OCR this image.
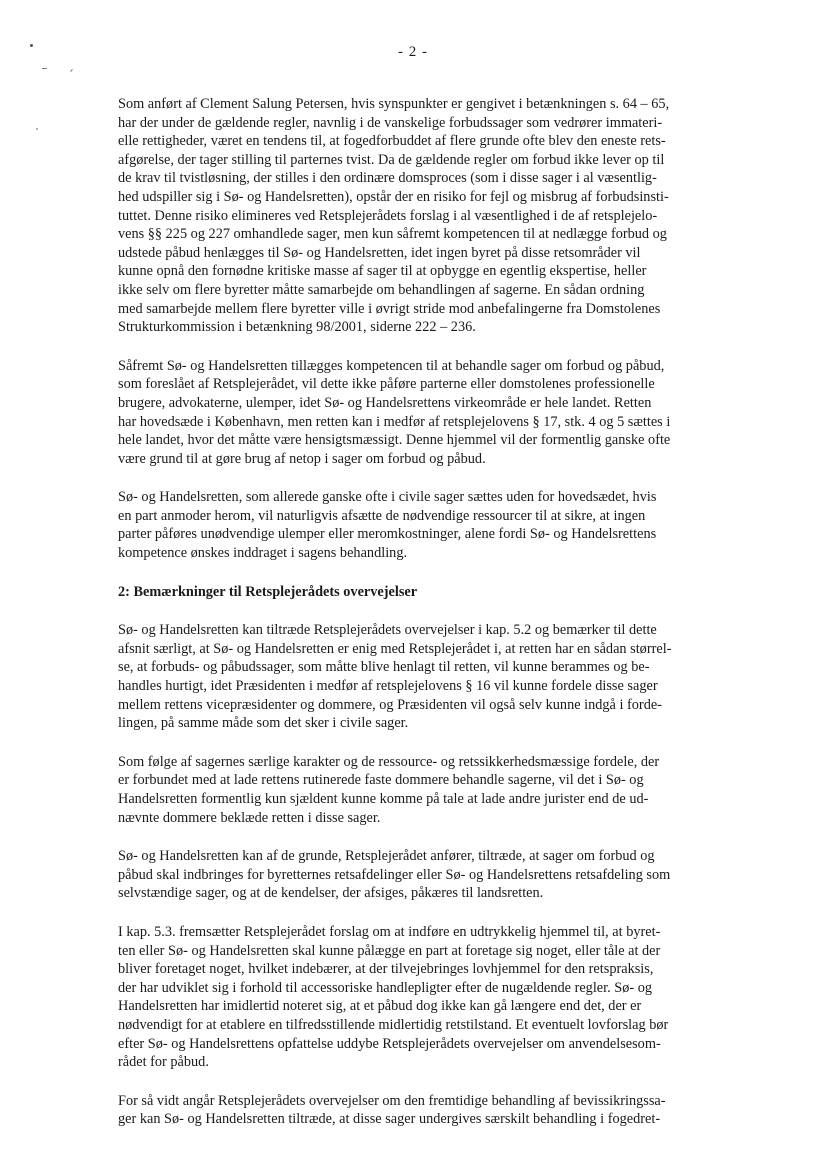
- 2 -
Som anført af Clement Salung Petersen, hvis synspunkter er gengivet i betænkningen s. 64 – 65,
har der under de gældende regler, navnlig i de vanskelige forbudssager som vedrører immateri-
elle rettigheder, været en tendens til, at fogedforbuddet af flere grunde ofte blev den eneste rets-
afgørelse, der tager stilling til parternes tvist. Da de gældende regler om forbud ikke lever op til
de krav til tvistløsning, der stilles i den ordinære domsproces (som i disse sager i al væsentlig-
hed udspiller sig i Sø- og Handelsretten), opstår der en risiko for fejl og misbrug af forbudsinsti-
tuttet. Denne risiko elimineres ved Retsplejerådets forslag i al væsentlighed i de af retsplejelo-
vens §§ 225 og 227 omhandlede sager, men kun såfremt kompetencen til at nedlægge forbud og
udstede påbud henlægges til Sø- og Handelsretten, idet ingen byret på disse retsområder vil
kunne opnå den fornødne kritiske masse af sager til at opbygge en egentlig ekspertise, heller
ikke selv om flere byretter måtte samarbejde om behandlingen af sagerne. En sådan ordning
med samarbejde mellem flere byretter ville i øvrigt stride mod anbefalingerne fra Domstolenes
Strukturkommission i betænkning 98/2001, siderne 222 – 236.
Såfremt Sø- og Handelsretten tillægges kompetencen til at behandle sager om forbud og påbud,
som foreslået af Retsplejerådet, vil dette ikke påføre parterne eller domstolenes professionelle
brugere, advokaterne, ulemper, idet Sø- og Handelsrettens virkeområde er hele landet. Retten
har hovedsæde i København, men retten kan i medfør af retsplejelovens § 17, stk. 4 og 5 sættes i
hele landet, hvor det måtte være hensigtsmæssigt. Denne hjemmel vil der formentlig ganske ofte
være grund til at gøre brug af netop i sager om forbud og påbud.
Sø- og Handelsretten, som allerede ganske ofte i civile sager sættes uden for hovedsædet, hvis
en part anmoder herom, vil naturligvis afsætte de nødvendige ressourcer til at sikre, at ingen
parter påføres unødvendige ulemper eller meromkostninger, alene fordi Sø- og Handelsrettens
kompetence ønskes inddraget i sagens behandling.
2: Bemærkninger til Retsplejerådets overvejelser
Sø- og Handelsretten kan tiltræde Retsplejerådets overvejelser i kap. 5.2 og bemærker til dette
afsnit særligt, at Sø- og Handelsretten er enig med Retsplejerådet i, at retten har en sådan størrel-
se, at forbuds- og påbudssager, som måtte blive henlagt til retten, vil kunne berammes og be-
handles hurtigt, idet Præsidenten i medfør af retsplejelovens § 16 vil kunne fordele disse sager
mellem rettens vicepræsidenter og dommere, og Præsidenten vil også selv kunne indgå i forde-
lingen, på samme måde som det sker i civile sager.
Som følge af sagernes særlige karakter og de ressource- og retssikkerhedsmæssige fordele, der
er forbundet med at lade rettens rutinerede faste dommere behandle sagerne, vil det i Sø- og
Handelsretten formentlig kun sjældent kunne komme på tale at lade andre jurister end de ud-
nævnte dommere beklæde retten i disse sager.
Sø- og Handelsretten kan af de grunde, Retsplejerådet anfører, tiltræde, at sager om forbud og
påbud skal indbringes for byretternes retsafdelinger eller Sø- og Handelsrettens retsafdeling som
selvstændige sager, og at de kendelser, der afsiges, påkæres til landsretten.
I kap. 5.3. fremsætter Retsplejerådet forslag om at indføre en udtrykkelig hjemmel til, at byret-
ten eller Sø- og Handelsretten skal kunne pålægge en part at foretage sig noget, eller tåle at der
bliver foretaget noget, hvilket indebærer, at der tilvejebringes lovhjemmel for den retspraksis,
der har udviklet sig i forhold til accessoriske handlepligter efter de nugældende regler. Sø- og
Handelsretten har imidlertid noteret sig, at et påbud dog ikke kan gå længere end det, der er
nødvendigt for at etablere en tilfredsstillende midlertidig retstilstand. Et eventuelt lovforslag bør
efter Sø- og Handelsrettens opfattelse uddybe Retsplejerådets overvejelser om anvendelsesom-
rådet for påbud.
For så vidt angår Retsplejerådets overvejelser om den fremtidige behandling af bevissikringssa-
ger kan Sø- og Handelsretten tiltræde, at disse sager undergives særskilt behandling i fogedret-
